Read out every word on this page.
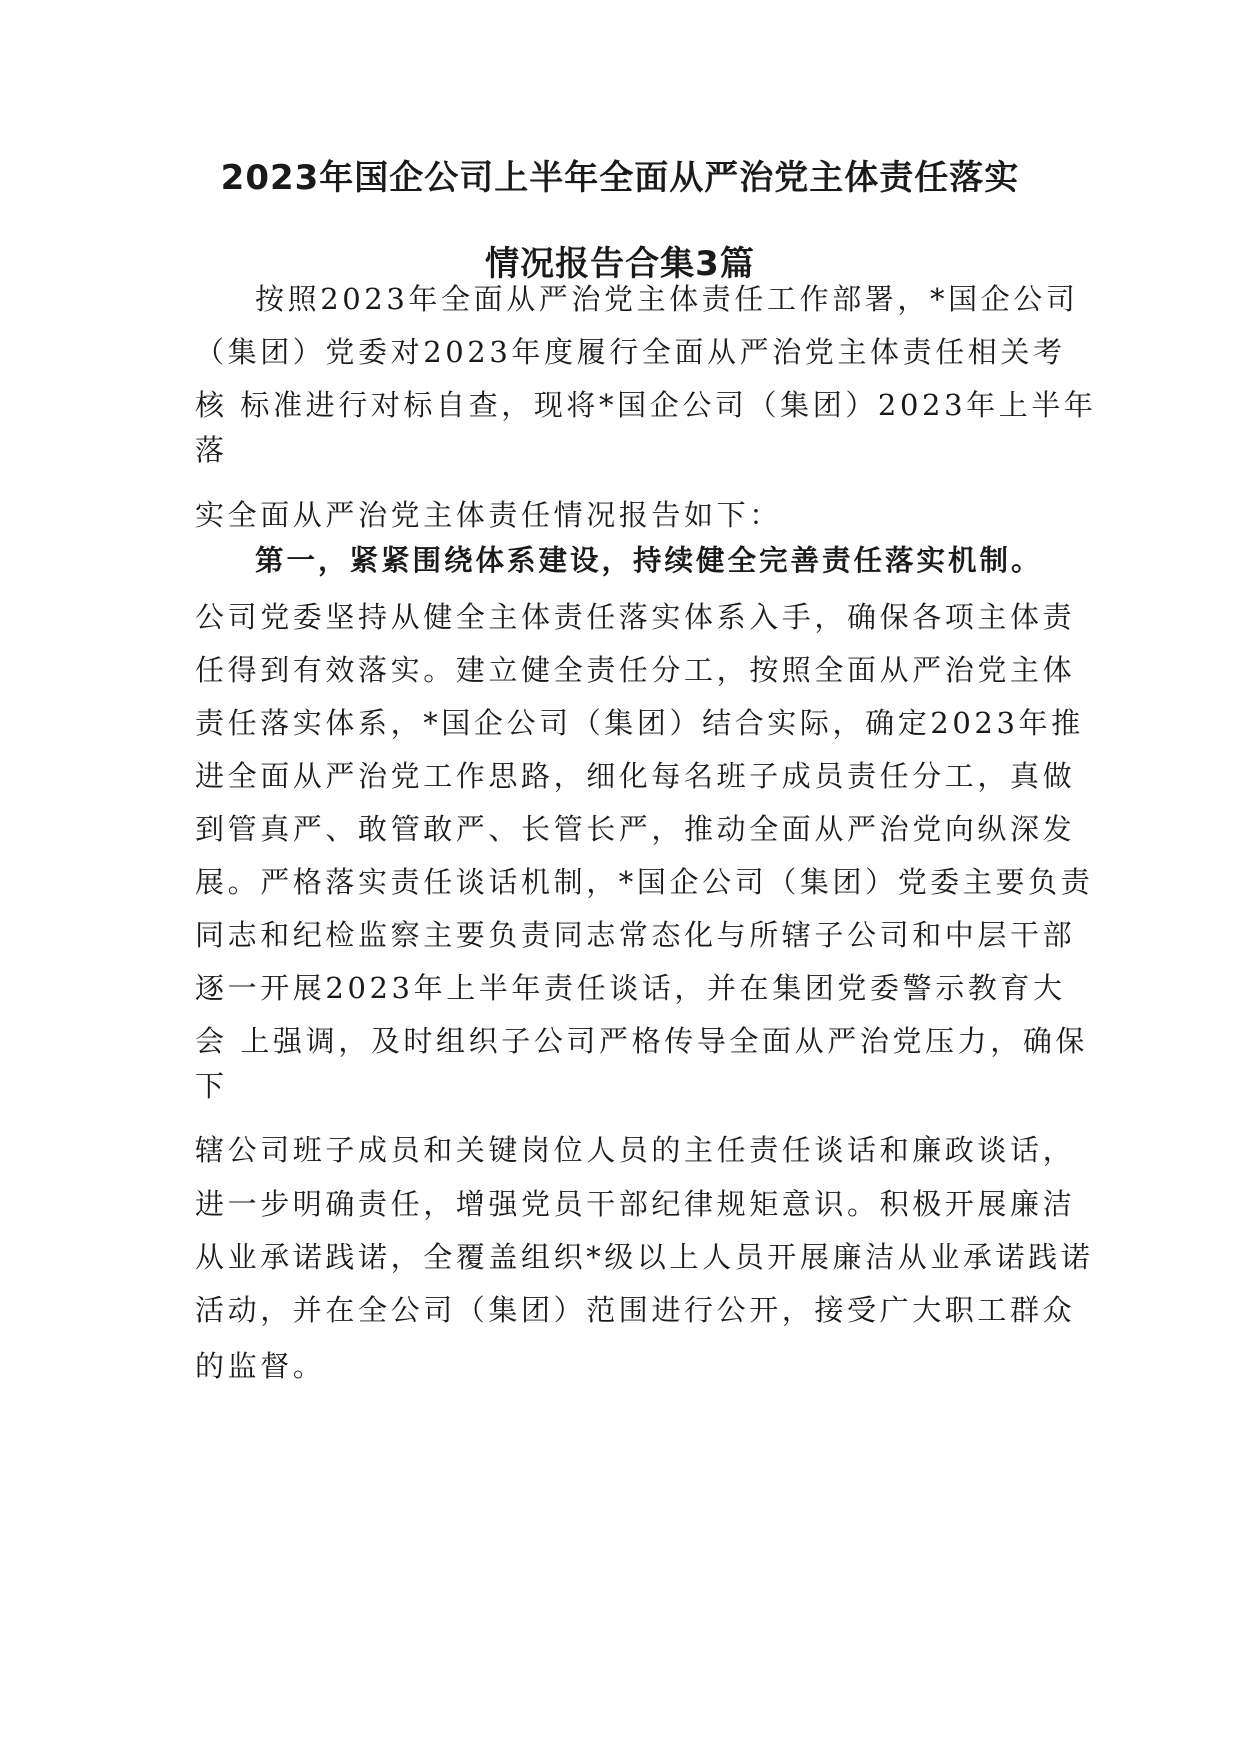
2023年国企公司上半年全面从严治党主体责任落实
情况报告合集3篇

按照2023年全面从严治党主体责任工作部署，*国企公司

（集团）党委对2023年度履行全面从严治党主体责任相关考

核 标准进行对标自查，现将*国企公司（集团）2023年上半年

落

实全面从严治党主体责任情况报告如下：

第一，紧紧围绕体系建设，持续健全完善责任落实机制。

公司党委坚持从健全主体责任落实体系入手，确保各项主体责

任得到有效落实。建立健全责任分工，按照全面从严治党主体

责任落实体系，*国企公司（集团）结合实际，确定2023年推

进全面从严治党工作思路，细化每名班子成员责任分工，真做

到管真严、敢管敢严、长管长严，推动全面从严治党向纵深发

展。严格落实责任谈话机制，*国企公司（集团）党委主要负责

同志和纪检监察主要负责同志常态化与所辖子公司和中层干部

逐一开展2023年上半年责任谈话，并在集团党委警示教育大

会 上强调，及时组织子公司严格传导全面从严治党压力，确保

下

辖公司班子成员和关键岗位人员的主任责任谈话和廉政谈话，

进一步明确责任，增强党员干部纪律规矩意识。积极开展廉洁

从业承诺践诺，全覆盖组织*级以上人员开展廉洁从业承诺践诺

活动，并在全公司（集团）范围进行公开，接受广大职工群众

的监督。
